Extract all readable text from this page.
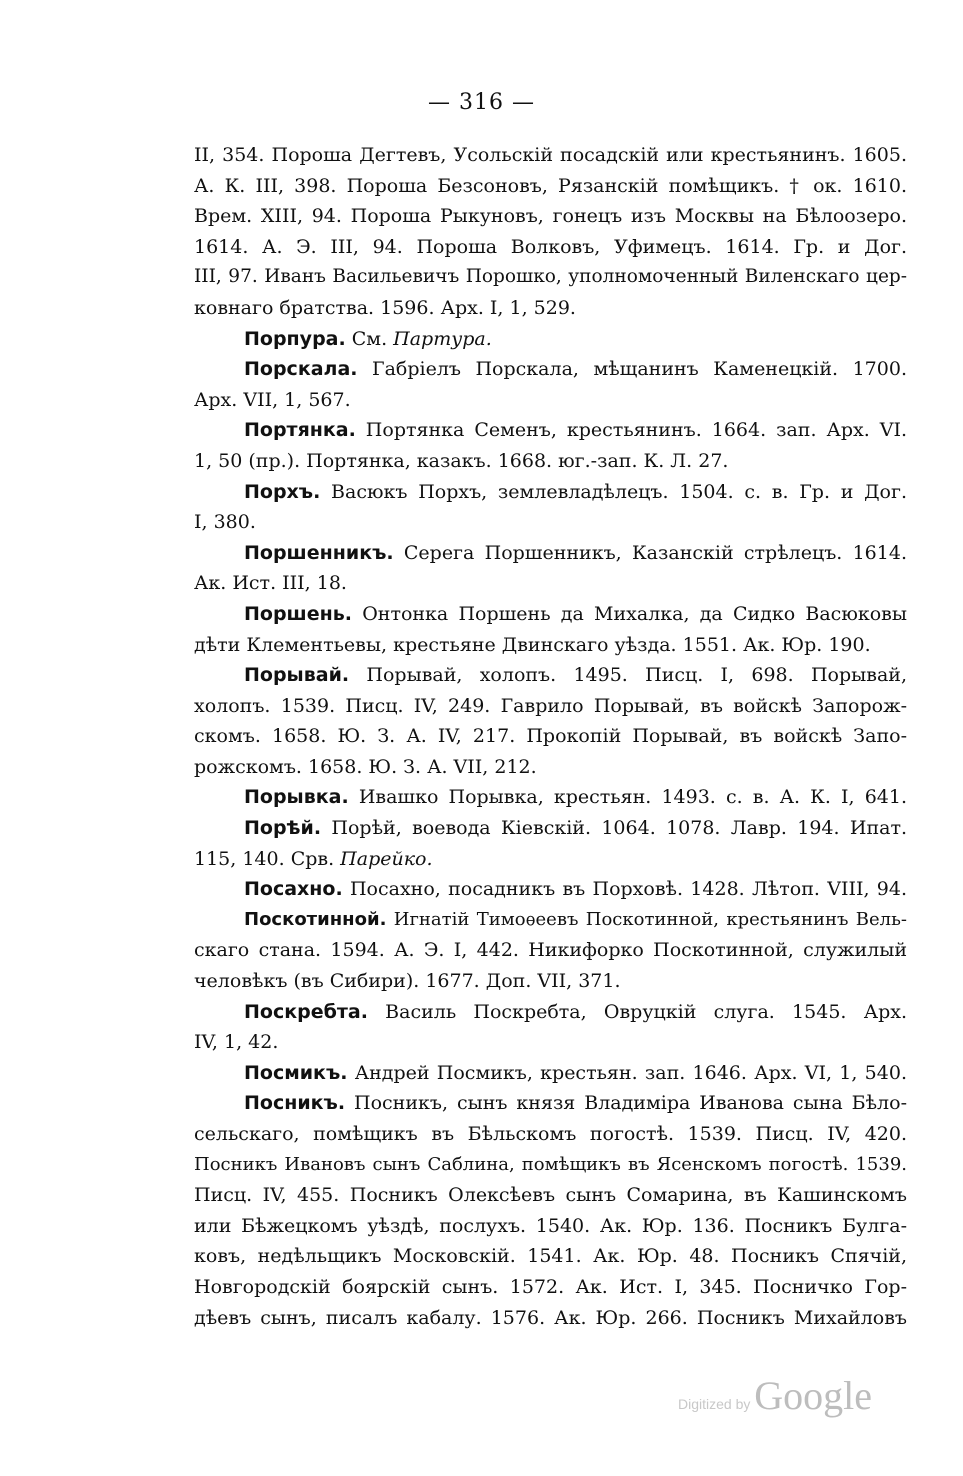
— 316 —
II, 354. Пороша Дегтевъ, Усольскій посадскій или крестьянинъ. 1605.
А. К. III, 398. Пороша Безсоновъ, Рязанскій помѣщикъ. † ок. 1610.
Врем. XIII, 94. Пороша Рыкуновъ, гонецъ изъ Москвы на Бѣлоозеро.
1614. А. Э. III, 94. Пороша Волковъ, Уфимецъ. 1614. Гр. и Дог.
III, 97. Иванъ Васильевичъ Порошко, уполномоченный Виленскаго цер-
ковнаго братства. 1596. Арх. I, 1, 529.
Порпура. См. Партура.
Порскала. Габріелъ Порскала, мѣщанинъ Каменецкій. 1700.
Арх. VII, 1, 567.
Портянка. Портянка Семенъ, крестьянинъ. 1664. зап. Арх. VI.
1, 50 (пр.). Портянка, казакъ. 1668. юг.-зап. К. Л. 27.
Порхъ. Васюкъ Порхъ, землевладѣлецъ. 1504. с. в. Гр. и Дог.
I, 380.
Поршенникъ. Серега Поршенникъ, Казанскій стрѣлецъ. 1614.
Ак. Ист. III, 18.
Поршень. Онтонка Поршень да Михалка, да Сидко Васюковы
дѣти Клементьевы, крестьяне Двинскаго уѣзда. 1551. Ак. Юр. 190.
Порывай. Порывай, холопъ. 1495. Писц. I, 698. Порывай,
холопъ. 1539. Писц. IV, 249. Гаврило Порывай, въ войскѣ Запорож-
скомъ. 1658. Ю. З. А. IV, 217. Прокопій Порывай, въ войскѣ Запо-
рожскомъ. 1658. Ю. З. А. VII, 212.
Порывка. Ивашко Порывка, крестьян. 1493. с. в. А. К. I, 641.
Порѣй. Порѣй, воевода Кіевскій. 1064. 1078. Лавр. 194. Ипат.
115, 140. Срв. Парейко.
Посахно. Посахно, посадникъ въ Порховѣ. 1428. Лѣтоп. VIII, 94.
Поскотинной. Игнатій Тимоѳеевъ Поскотинной, крестьянинъ Вель-
скаго стана. 1594. А. Э. I, 442. Никифорко Поскотинной, служилый
человѣкъ (въ Сибири). 1677. Доп. VII, 371.
Поскребта. Василь Поскребта, Овруцкій слуга. 1545. Арх.
IV, 1, 42.
Посмикъ. Андрей Посмикъ, крестьян. зап. 1646. Арх. VI, 1, 540.
Посникъ. Посникъ, сынъ князя Владиміра Иванова сына Бѣло-
сельскаго, помѣщикъ въ Бѣльскомъ погостѣ. 1539. Писц. IV, 420.
Посникъ Ивановъ сынъ Саблина, помѣщикъ въ Ясенскомъ погостѣ. 1539.
Писц. IV, 455. Посникъ Олексѣевъ сынъ Сомарина, въ Кашинскомъ
или Бѣжецкомъ уѣздѣ, послухъ. 1540. Ак. Юр. 136. Посникъ Булга-
ковъ, недѣльщикъ Московскій. 1541. Ак. Юр. 48. Посникъ Спячій,
Новгородскій боярскій сынъ. 1572. Ак. Ист. I, 345. Посничко Гор-
дѣевъ сынъ, писалъ кабалу. 1576. Ак. Юр. 266. Посникъ Михайловъ
Digitized by Google
